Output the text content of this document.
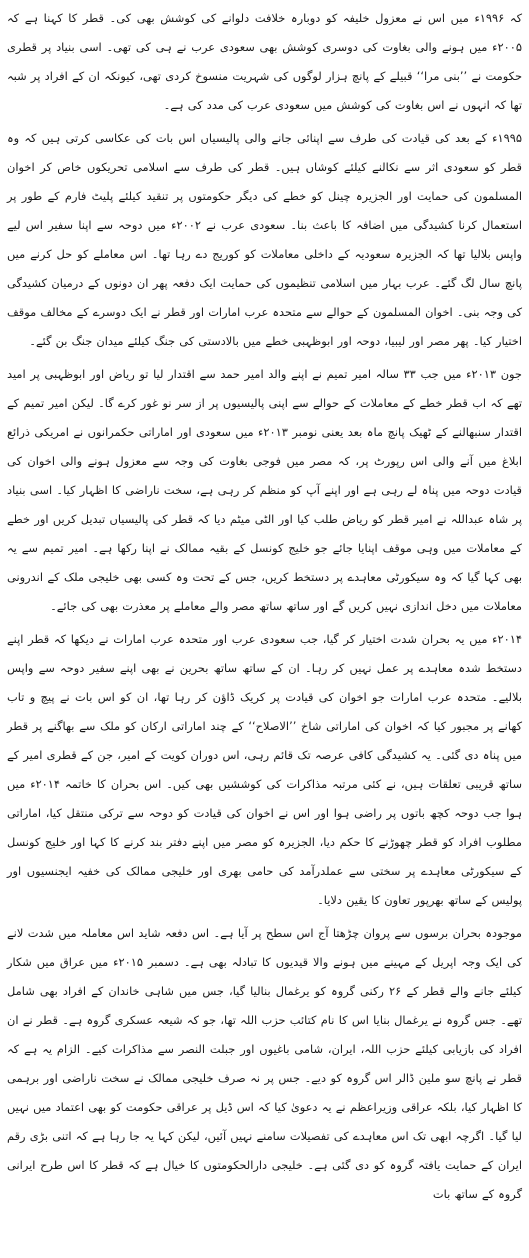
کہ ۱۹۹۶ء میں اس نے معزول خلیفہ کو دوبارہ خلافت دلوانے کی کوشش بھی کی۔ قطر کا کہنا ہے کہ ۲۰۰۵ء میں ہونے والی بغاوت کی دوسری کوشش بھی سعودی عرب نے ہی کی تھی۔ اسی بنیاد پر قطری حکومت نے ’’بنی مرا‘‘ قبیلے کے پانچ ہزار لوگوں کی شہریت منسوخ کردی تھی، کیونکہ ان کے افراد پر شبہ تھا کہ انہوں نے اس بغاوت کی کوشش میں سعودی عرب کی مدد کی ہے۔

۱۹۹۵ء کے بعد کی قیادت کی طرف سے اپنائی جانے والی پالیسیاں اس بات کی عکاسی کرتی ہیں کہ وہ قطر کو سعودی اثر سے نکالنے کیلئے کوشاں ہیں۔ قطر کی طرف سے اسلامی تحریکوں خاص کر اخوان المسلمون کی حمایت اور الجزیرہ چینل کو خطے کی دیگر حکومتوں پر تنقید کیلئے پلیٹ فارم کے طور پر استعمال کرنا کشیدگی میں اضافہ کا باعث بنا۔ سعودی عرب نے ۲۰۰۲ء میں دوحہ سے اپنا سفیر اس لیے واپس بلالیا تھا کہ الجزیرہ سعودیہ کے داخلی معاملات کو کوریج دے رہا تھا۔ اس معاملے کو حل کرنے میں پانچ سال لگ گئے۔ عرب بہار میں اسلامی تنظیموں کی حمایت ایک دفعہ پھر ان دونوں کے درمیان کشیدگی کی وجہ بنی۔ اخوان المسلمون کے حوالے سے متحدہ عرب امارات اور قطر نے ایک دوسرے کے مخالف موقف اختیار کیا۔ پھر مصر اور لیبیا، دوحہ اور ابوظہبی خطے میں بالادستی کی جنگ کیلئے میدان جنگ بن گئے۔

جون ۲۰۱۳ء میں جب ۳۳ سالہ امیر تمیم نے اپنے والد امیر حمد سے اقتدار لیا تو ریاض اور ابوظہبی پر امید تھے کہ اب قطر خطے کے معاملات کے حوالے سے اپنی پالیسیوں پر از سر نو غور کرے گا۔ لیکن امیر تمیم کے اقتدار سنبھالنے کے ٹھیک پانچ ماہ بعد یعنی نومبر ۲۰۱۳ء میں سعودی اور اماراتی حکمرانوں نے امریکی ذرائع ابلاغ میں آنے والی اس رپورٹ پر، کہ مصر میں فوجی بغاوت کی وجہ سے معزول ہونے والی اخوان کی قیادت دوحہ میں پناہ لے رہی ہے اور اپنے آپ کو منظم کر رہی ہے، سخت ناراضی کا اظہار کیا۔ اسی بنیاد پر شاہ عبداللہ نے امیر قطر کو ریاض طلب کیا اور الٹی میٹم دیا کہ قطر کی پالیسیاں تبدیل کریں اور خطے کے معاملات میں وہی موقف اپنایا جائے جو خلیج کونسل کے بقیہ ممالک نے اپنا رکھا ہے۔ امیر تمیم سے یہ بھی کہا گیا کہ وہ سیکورٹی معاہدے پر دستخط کریں، جس کے تحت وہ کسی بھی خلیجی ملک کے اندرونی معاملات میں دخل اندازی نہیں کریں گے اور ساتھ ساتھ مصر والے معاملے پر معذرت بھی کی جائے۔

۲۰۱۴ء میں یہ بحران شدت اختیار کر گیا، جب سعودی عرب اور متحدہ عرب امارات نے دیکھا کہ قطر اپنے دستخط شدہ معاہدے پر عمل نہیں کر رہا۔ ان کے ساتھ ساتھ بحرین نے بھی اپنے سفیر دوحہ سے واپس بلالیے۔ متحدہ عرب امارات جو اخوان کی قیادت پر کریک ڈاؤن کر رہا تھا، ان کو اس بات نے پیچ و تاب کھانے پر مجبور کیا کہ اخوان کی اماراتی شاخ ’’الاصلاح‘‘ کے چند اماراتی ارکان کو ملک سے بھاگنے پر قطر میں پناہ دی گئی۔ یہ کشیدگی کافی عرصہ تک قائم رہی، اس دوران کویت کے امیر، جن کے قطری امیر کے ساتھ قریبی تعلقات ہیں، نے کئی مرتبہ مذاکرات کی کوششیں بھی کیں۔ اس بحران کا خاتمہ ۲۰۱۴ء میں ہوا جب دوحہ کچھ باتوں پر راضی ہوا اور اس نے اخوان کی قیادت کو دوحہ سے ترکی منتقل کیا، اماراتی مطلوب افراد کو قطر چھوڑنے کا حکم دیا، الجزیرہ کو مصر میں اپنے دفتر بند کرنے کا کہا اور خلیج کونسل کے سیکورٹی معاہدے پر سختی سے عملدرآمد کی حامی بھری اور خلیجی ممالک کی خفیہ ایجنسیوں اور پولیس کے ساتھ بھرپور تعاون کا یقین دلایا۔

موجودہ بحران برسوں سے پروان چڑھتا آج اس سطح پر آیا ہے۔ اس دفعہ شاید اس معاملہ میں شدت لانے کی ایک وجہ اپریل کے مہینے میں ہونے والا قیدیوں کا تبادلہ بھی ہے۔ دسمبر ۲۰۱۵ء میں عراق میں شکار کیلئے جانے والے قطر کے ۲۶ رکنی گروہ کو یرغمال بنالیا گیا، جس میں شاہی خاندان کے افراد بھی شامل تھے۔ جس گروہ نے یرغمال بنایا اس کا نام کتائب حزب اللہ تھا، جو کہ شیعہ عسکری گروہ ہے۔ قطر نے ان افراد کی بازیابی کیلئے حزب اللہ، ایران، شامی باغیوں اور جبلت النصر سے مذاکرات کیے۔ الزام یہ ہے کہ قطر نے پانچ سو ملین ڈالر اس گروہ کو دیے۔ جس پر نہ صرف خلیجی ممالک نے سخت ناراضی اور برہمی کا اظہار کیا، بلکہ عراقی وزیراعظم نے یہ دعویٰ کیا کہ اس ڈیل پر عراقی حکومت کو بھی اعتماد میں نہیں لیا گیا۔ اگرچہ ابھی تک اس معاہدے کی تفصیلات سامنے نہیں آئیں، لیکن کہا یہ جا رہا ہے کہ اتنی بڑی رقم ایران کے حمایت یافتہ گروہ کو دی گئی ہے۔ خلیجی دارالحکومتوں کا خیال ہے کہ قطر کا اس طرح ایرانی گروہ کے ساتھ بات
